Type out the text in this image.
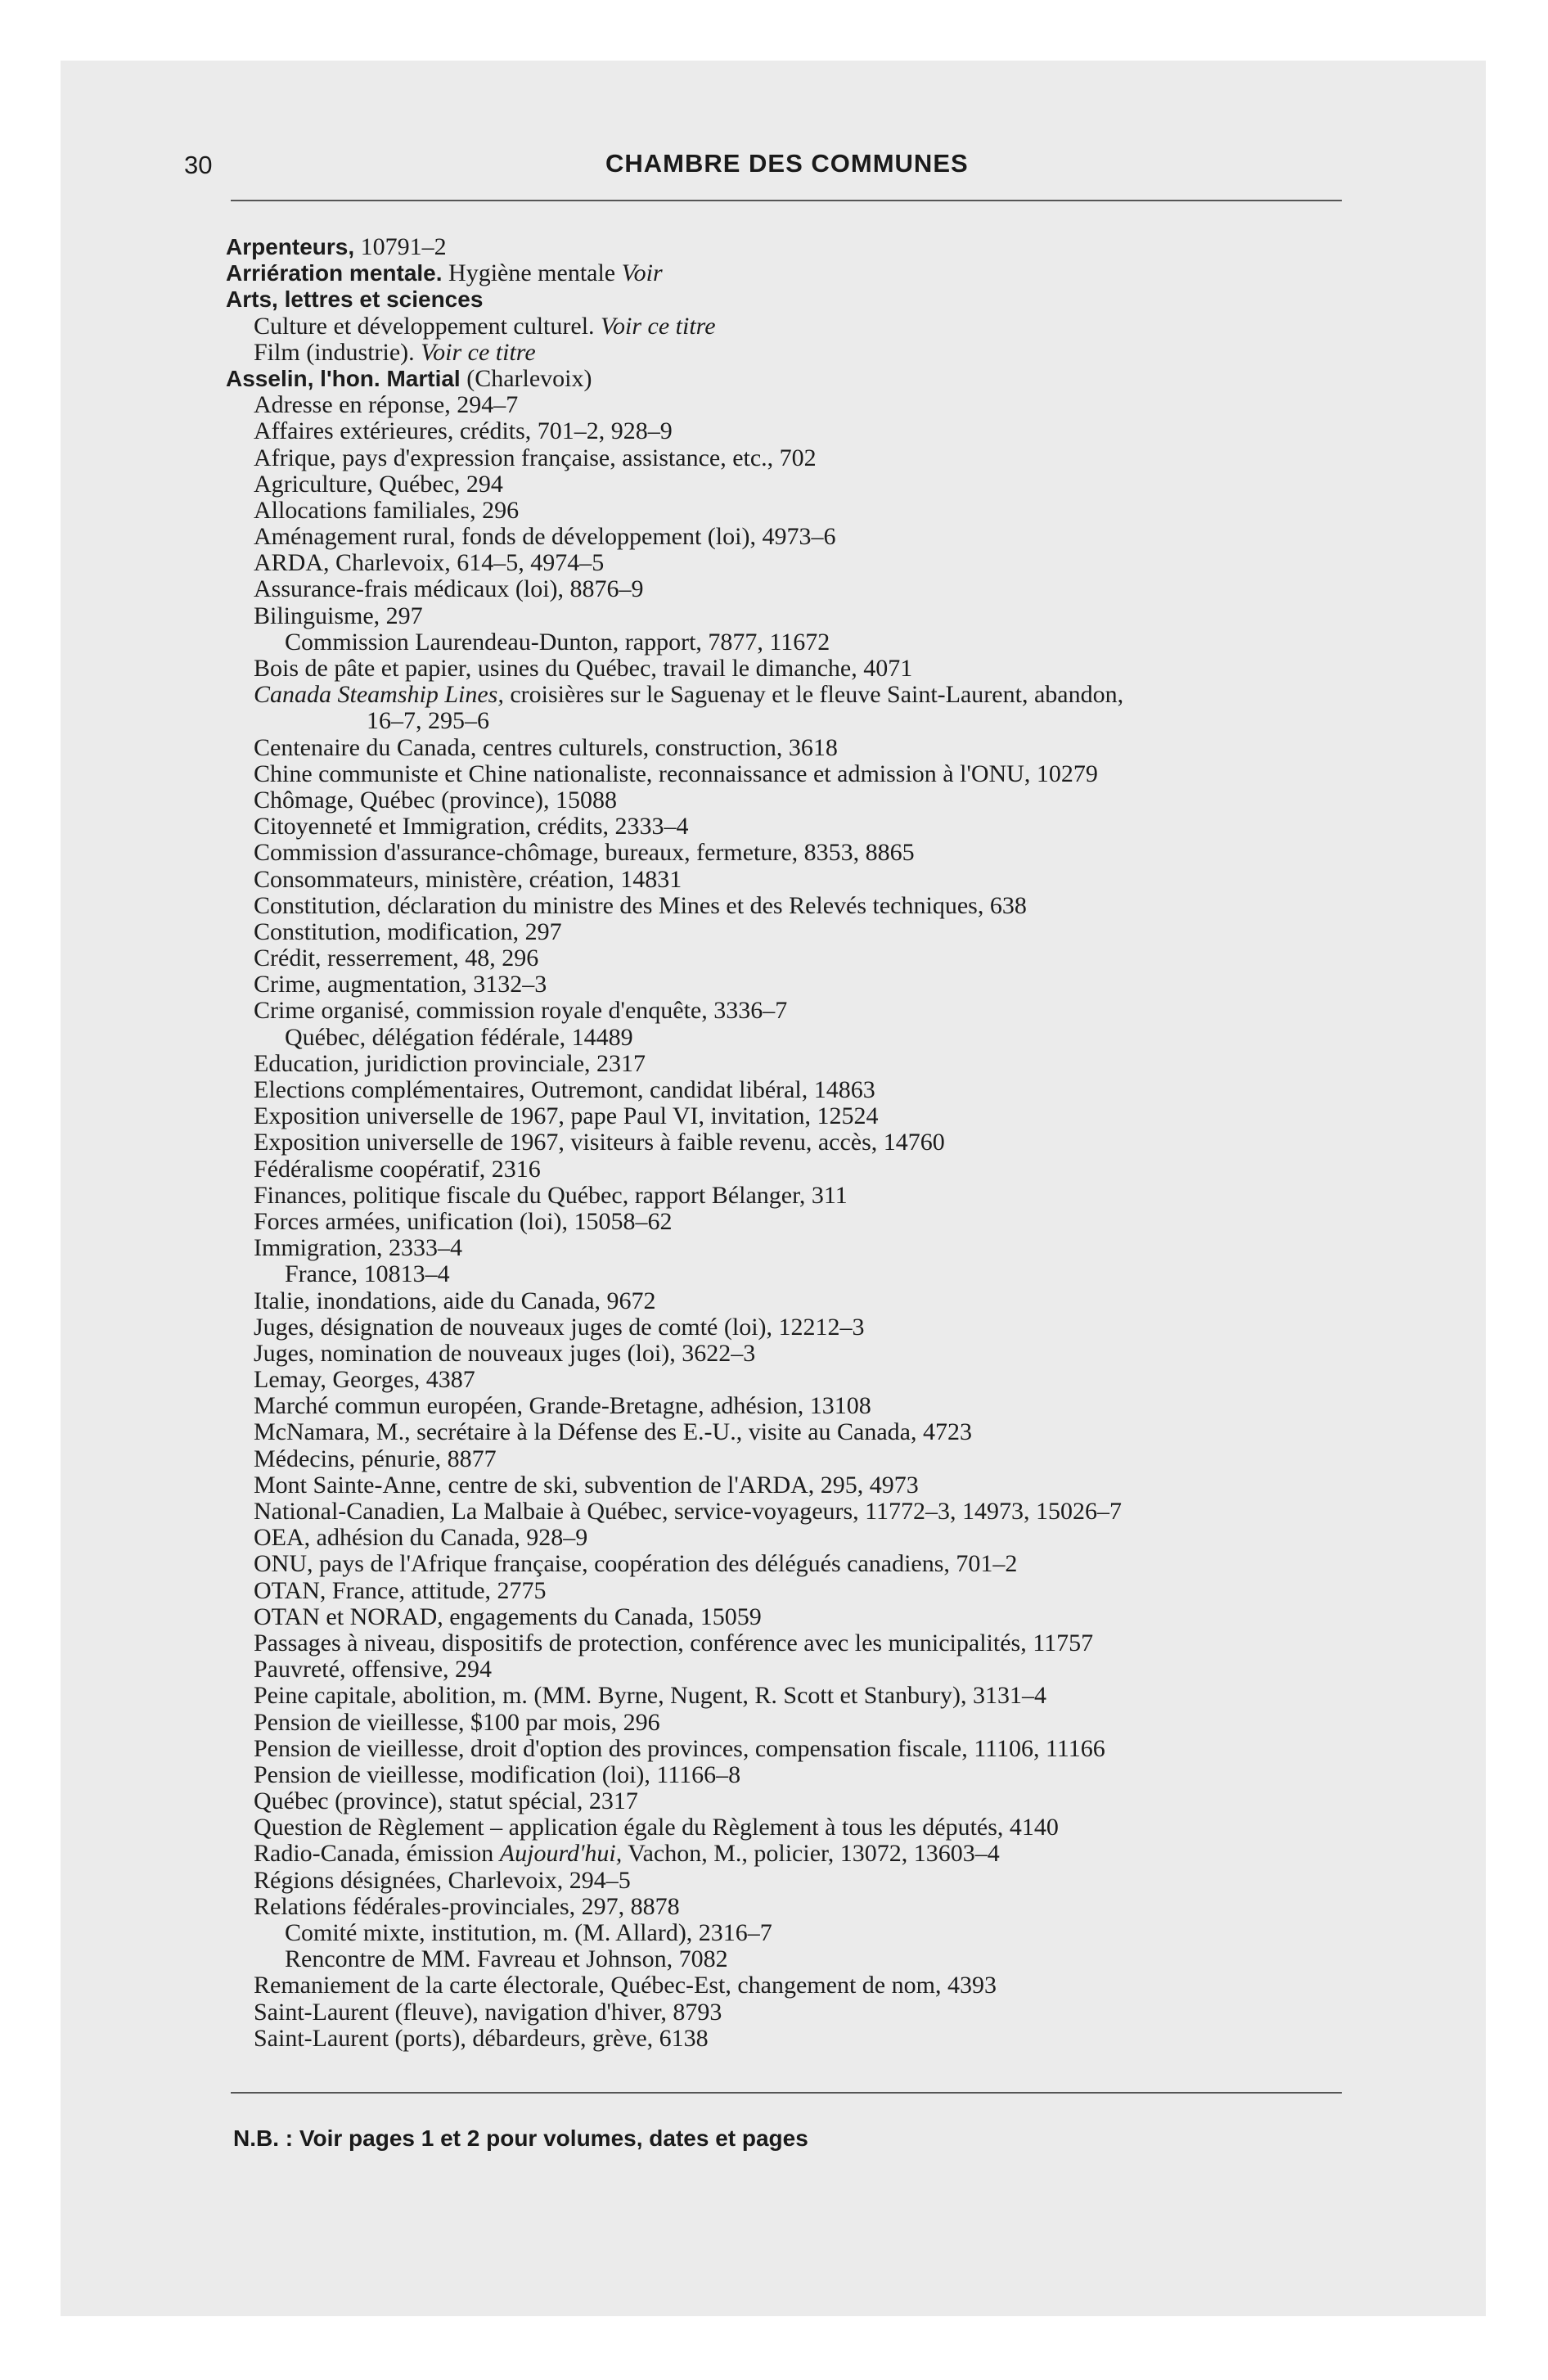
30	CHAMBRE DES COMMUNES
Arpenteurs, 10791–2
Arriération mentale. Hygiène mentale Voir
Arts, lettres et sciences
Culture et développement culturel. Voir ce titre
Film (industrie). Voir ce titre
Asselin, l'hon. Martial (Charlevoix)
Adresse en réponse, 294–7
Affaires extérieures, crédits, 701–2, 928–9
Afrique, pays d'expression française, assistance, etc., 702
Agriculture, Québec, 294
Allocations familiales, 296
Aménagement rural, fonds de développement (loi), 4973–6
ARDA, Charlevoix, 614–5, 4974–5
Assurance-frais médicaux (loi), 8876–9
Bilinguisme, 297
Commission Laurendeau-Dunton, rapport, 7877, 11672
Bois de pâte et papier, usines du Québec, travail le dimanche, 4071
Canada Steamship Lines, croisières sur le Saguenay et le fleuve Saint-Laurent, abandon,
16–7, 295–6
Centenaire du Canada, centres culturels, construction, 3618
Chine communiste et Chine nationaliste, reconnaissance et admission à l'ONU, 10279
Chômage, Québec (province), 15088
Citoyenneté et Immigration, crédits, 2333–4
Commission d'assurance-chômage, bureaux, fermeture, 8353, 8865
Consommateurs, ministère, création, 14831
Constitution, déclaration du ministre des Mines et des Relevés techniques, 638
Constitution, modification, 297
Crédit, resserrement, 48, 296
Crime, augmentation, 3132–3
Crime organisé, commission royale d'enquête, 3336–7
Québec, délégation fédérale, 14489
Education, juridiction provinciale, 2317
Elections complémentaires, Outremont, candidat libéral, 14863
Exposition universelle de 1967, pape Paul VI, invitation, 12524
Exposition universelle de 1967, visiteurs à faible revenu, accès, 14760
Fédéralisme coopératif, 2316
Finances, politique fiscale du Québec, rapport Bélanger, 311
Forces armées, unification (loi), 15058–62
Immigration, 2333–4
France, 10813–4
Italie, inondations, aide du Canada, 9672
Juges, désignation de nouveaux juges de comté (loi), 12212–3
Juges, nomination de nouveaux juges (loi), 3622–3
Lemay, Georges, 4387
Marché commun européen, Grande-Bretagne, adhésion, 13108
McNamara, M., secrétaire à la Défense des E.-U., visite au Canada, 4723
Médecins, pénurie, 8877
Mont Sainte-Anne, centre de ski, subvention de l'ARDA, 295, 4973
National-Canadien, La Malbaie à Québec, service-voyageurs, 11772–3, 14973, 15026–7
OEA, adhésion du Canada, 928–9
ONU, pays de l'Afrique française, coopération des délégués canadiens, 701–2
OTAN, France, attitude, 2775
OTAN et NORAD, engagements du Canada, 15059
Passages à niveau, dispositifs de protection, conférence avec les municipalités, 11757
Pauvreté, offensive, 294
Peine capitale, abolition, m. (MM. Byrne, Nugent, R. Scott et Stanbury), 3131–4
Pension de vieillesse, $100 par mois, 296
Pension de vieillesse, droit d'option des provinces, compensation fiscale, 11106, 11166
Pension de vieillesse, modification (loi), 11166–8
Québec (province), statut spécial, 2317
Question de Règlement – application égale du Règlement à tous les députés, 4140
Radio-Canada, émission Aujourd'hui, Vachon, M., policier, 13072, 13603–4
Régions désignées, Charlevoix, 294–5
Relations fédérales-provinciales, 297, 8878
Comité mixte, institution, m. (M. Allard), 2316–7
Rencontre de MM. Favreau et Johnson, 7082
Remaniement de la carte électorale, Québec-Est, changement de nom, 4393
Saint-Laurent (fleuve), navigation d'hiver, 8793
Saint-Laurent (ports), débardeurs, grève, 6138
N.B. : Voir pages 1 et 2 pour volumes, dates et pages
